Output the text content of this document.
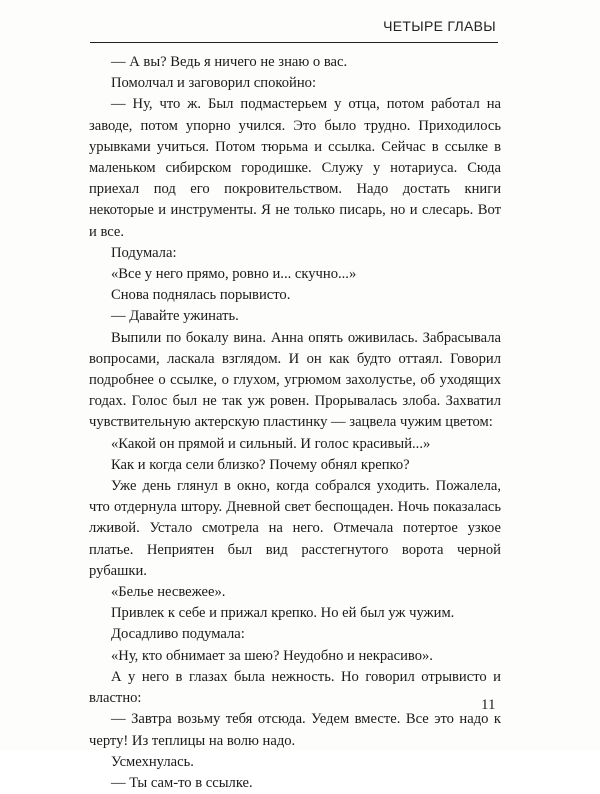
ЧЕТЫРЕ ГЛАВЫ

— А вы? Ведь я ничего не знаю о вас.

Помолчал и заговорил спокойно:

— Ну, что ж. Был подмастерьем у отца, потом работал на заводе, потом упорно учился. Это было трудно. Приходилось урывками учиться. Потом тюрьма и ссылка. Сейчас в ссылке в маленьком сибирском городишке. Служу у нотариуса. Сюда приехал под его покровительством. Надо достать книги некоторые и инструменты. Я не только писарь, но и слесарь. Вот и все.

Подумала:

«Все у него прямо, ровно и... скучно...»

Снова поднялась порывисто.

— Давайте ужинать.

Выпили по бокалу вина. Анна опять оживилась. Забрасывала вопросами, ласкала взглядом. И он как будто оттаял. Говорил подробнее о ссылке, о глухом, угрюмом захолустье, об уходящих годах. Голос был не так уж ровен. Прорывалась злоба. Захватил чувствительную актерскую пластинку — зацвела чужим цветом:

«Какой он прямой и сильный. И голос красивый...»

Как и когда сели близко? Почему обнял крепко?

Уже день глянул в окно, когда собрался уходить. Пожалела, что отдернула штору. Дневной свет беспощаден. Ночь показалась лживой. Устало смотрела на него. Отмечала потертое узкое платье. Неприятен был вид расстегнутого ворота черной рубашки.

«Белье несвежее».

Привлек к себе и прижал крепко. Но ей был уж чужим.

Досадливо подумала:

«Ну, кто обнимает за шею? Неудобно и некрасиво».

А у него в глазах была нежность. Но говорил отрывисто и властно:

— Завтра возьму тебя отсюда. Уедем вместе. Все это надо к черту! Из теплицы на волю надо.

Усмехнулась.

— Ты сам-то в ссылке.

11
